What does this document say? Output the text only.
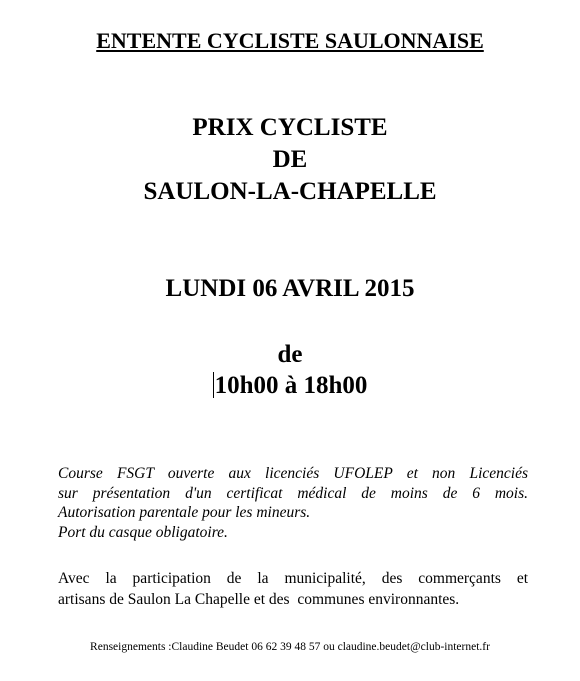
ENTENTE CYCLISTE SAULONNAISE
PRIX CYCLISTE
DE
SAULON-LA-CHAPELLE
LUNDI 06 AVRIL 2015
de
10h00 à 18h00
Course FSGT ouverte aux licenciés UFOLEP et non Licenciés
sur présentation d'un certificat médical de moins de 6 mois.
Autorisation parentale pour les mineurs.
Port du casque obligatoire.
Avec la participation de la municipalité, des commerçants et
artisans de Saulon La Chapelle et des  communes environnantes.
Renseignements :Claudine Beudet 06 62 39 48 57 ou claudine.beudet@club-internet.fr
